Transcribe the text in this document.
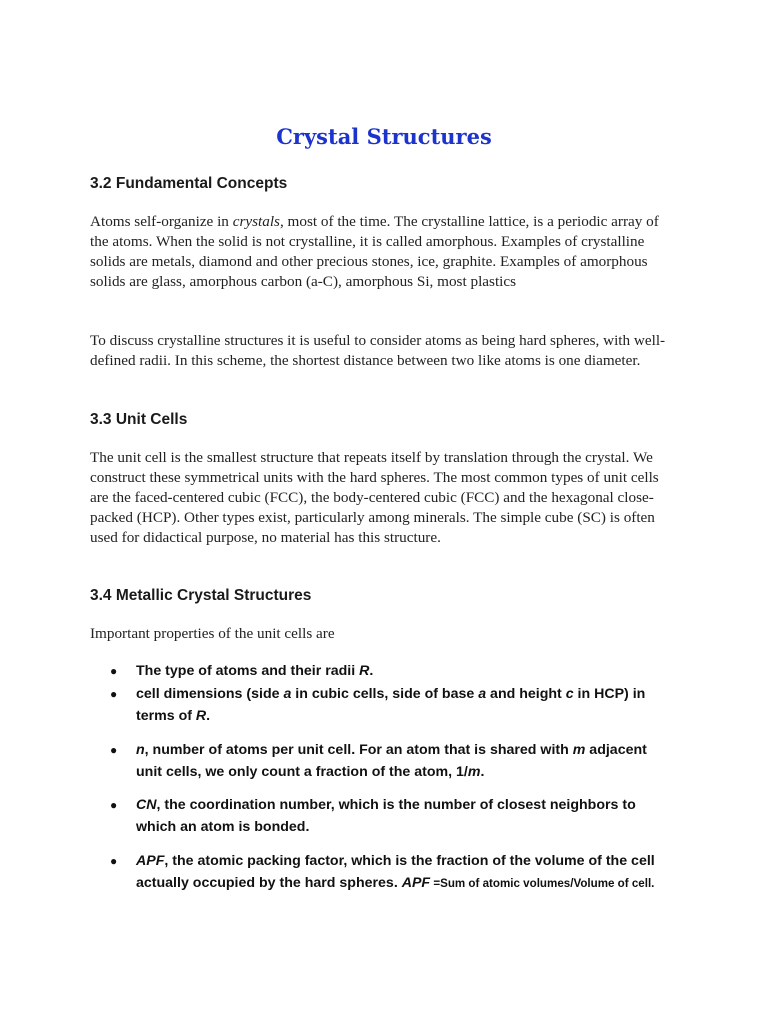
Crystal Structures
3.2 Fundamental Concepts

Atoms self-organize in crystals, most of the time. The crystalline lattice, is a periodic array of the atoms. When the solid is not crystalline, it is called amorphous. Examples of crystalline solids are metals, diamond and other precious stones, ice, graphite. Examples of amorphous solids are glass, amorphous carbon (a-C), amorphous Si, most plastics

To discuss crystalline structures it is useful to consider atoms as being hard spheres, with well-defined radii. In this scheme, the shortest distance between two like atoms is one diameter.

3.3 Unit Cells

The unit cell is the smallest structure that repeats itself by translation through the crystal. We construct these symmetrical units with the hard spheres. The most common types of unit cells are the faced-centered cubic (FCC), the body-centered cubic (FCC) and the hexagonal close-packed (HCP). Other types exist, particularly among minerals. The simple cube (SC) is often used for didactical purpose, no material has this structure.

3.4 Metallic Crystal Structures

Important properties of the unit cells are

● The type of atoms and their radii R.
● cell dimensions (side a in cubic cells, side of base a and height c in HCP) in terms of R.
● n, number of atoms per unit cell. For an atom that is shared with m adjacent unit cells, we only count a fraction of the atom, 1/m.
● CN, the coordination number, which is the number of closest neighbors to which an atom is bonded.
● APF, the atomic packing factor, which is the fraction of the volume of the cell actually occupied by the hard spheres. APF =Sum of atomic volumes/Volume of cell.
